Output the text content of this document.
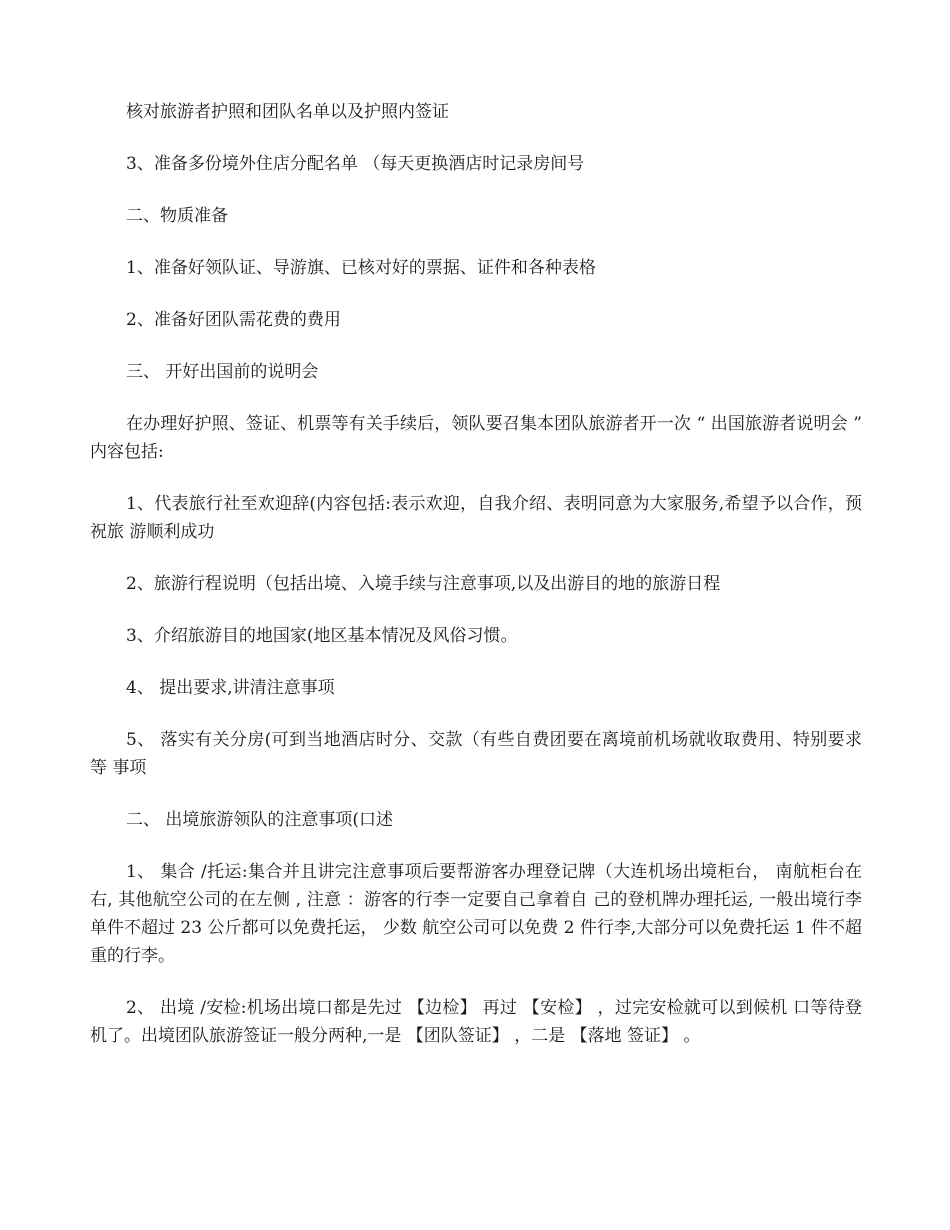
核对旅游者护照和团队名单以及护照内签证

3、准备多份境外住店分配名单 （每天更换酒店时记录房间号

二、物质准备

1、准备好领队证、导游旗、已核对好的票据、证件和各种表格

2、准备好团队需花费的费用

三、 开好出国前的说明会

在办理好护照、签证、机票等有关手续后，领队要召集本团队旅游者开一次 “ 出国旅游者说明会 ” 内容包括:

1、代表旅行社至欢迎辞(内容包括:表示欢迎，自我介绍、表明同意为大家服务,希望予以合作，预祝旅 游顺利成功

2、旅游行程说明（包括出境、入境手续与注意事项,以及出游目的地的旅游日程

3、介绍旅游目的地国家(地区基本情况及风俗习惯。

4、 提出要求,讲清注意事项

5、 落实有关分房(可到当地酒店时分、交款（有些自费团要在离境前机场就收取费用、特别要求等 事项

二、 出境旅游领队的注意事项(口述

1、 集合 /托运:集合并且讲完注意事项后要帮游客办理登记牌（大连机场出境柜台， 南航柜台在右, 其他航空公司的在左侧 , 注意 ：游客的行李一定要自己拿着自 己的登机牌办理托运, 一般出境行李单件不超过 23 公斤都可以免费托运， 少数 航空公司可以免费 2 件行李,大部分可以免费托运 1 件不超重的行李。

2、 出境 /安检:机场出境口都是先过 【边检】 再过 【安检】 ，过完安检就可以到候机 口等待登机了。出境团队旅游签证一般分两种,一是 【团队签证】 ，二是 【落地 签证】 。
